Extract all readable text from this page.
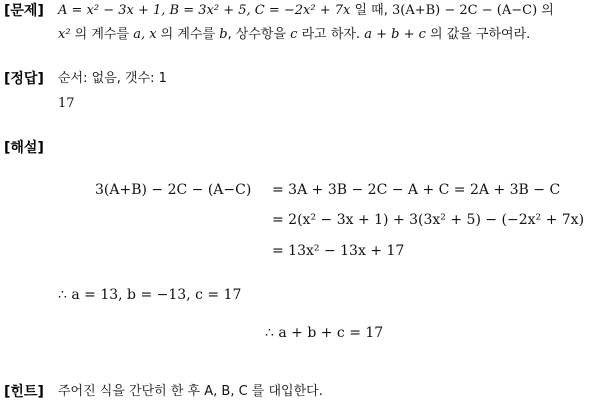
[문제] A = x² − 3x + 1, B = 3x² + 5, C = −2x² + 7x 일 때, 3(A+B) − 2C − (A−C) 의
x² 의 계수를 a, x 의 계수를 b, 상수항을 c 라고 하자. a + b + c 의 값을 구하여라.
[정답] 순서: 없음, 갯수: 1
17
[해설]
3(A+B) − 2C − (A−C) = 3A + 3B − 2C − A + C = 2A + 3B − C
= 2(x² − 3x + 1) + 3(3x² + 5) − (−2x² + 7x)
= 13x² − 13x + 17
∴ a = 13, b = −13, c = 17
∴ a + b + c = 17
[힌트] 주어진 식을 간단히 한 후 A, B, C 를 대입한다.
